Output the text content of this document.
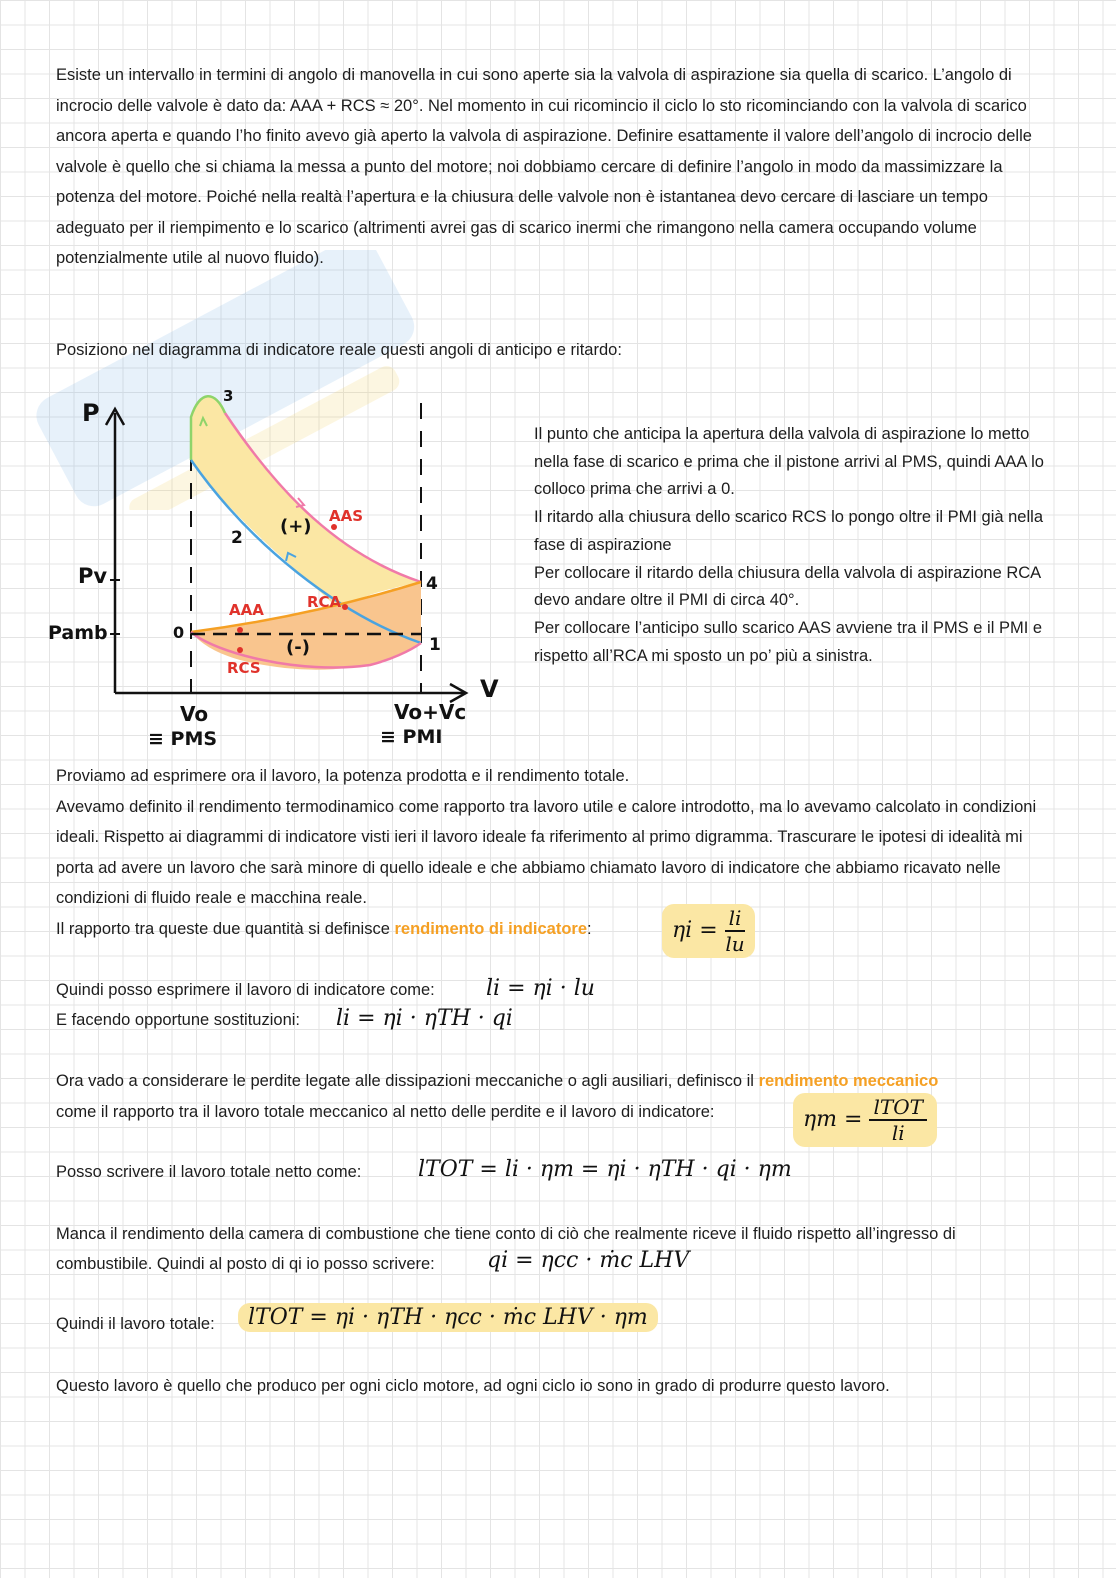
Esiste un intervallo in termini di angolo di manovella in cui sono aperte sia la valvola di aspirazione sia quella di scarico. L’angolo di incrocio delle valvole è dato da: AAA + RCS ≈ 20°. Nel momento in cui ricomincio il ciclo lo sto ricominciando con la valvola di scarico ancora aperta e quando l’ho finito avevo già aperto la valvola di aspirazione. Definire esattamente il valore dell’angolo di incrocio delle valvole è quello che si chiama la messa a punto del motore; noi dobbiamo cercare di definire l’angolo in modo da massimizzare la potenza del motore. Poiché nella realtà l’apertura e la chiusura delle valvole non è istantanea devo cercare di lasciare un tempo adeguato per il riempimento e lo scarico (altrimenti avrei gas di scarico inermi che rimangono nella camera occupando volume potenzialmente utile al nuovo fluido).
Posiziono nel diagramma di indicatore reale questi angoli di anticipo e ritardo:
P
V
Pv
Pamb
Vo
≡ PMS
Vo+Vc
≡ PMI
0
1
2
3
4
(+)
(-)
AAS
AAA	RCA
RCS
Il punto che anticipa la apertura della valvola di aspirazione lo metto nella fase di scarico e prima che il pistone arrivi al PMS, quindi AAA lo colloco prima che arrivi a 0.
Il ritardo alla chiusura dello scarico RCS lo pongo oltre il PMI già nella fase di aspirazione
Per collocare il ritardo della chiusura della valvola di aspirazione RCA devo andare oltre il PMI di circa 40°.
Per collocare l’anticipo sullo scarico AAS avviene tra il PMS e il PMI e rispetto all’RCA mi sposto un po’ più a sinistra.
Proviamo ad esprimere ora il lavoro, la potenza prodotta e il rendimento totale.
Avevamo definito il rendimento termodinamico come rapporto tra lavoro utile e calore introdotto, ma lo avevamo calcolato in condizioni ideali. Rispetto ai diagrammi di indicatore visti ieri il lavoro ideale fa riferimento al primo digramma. Trascurare le ipotesi di idealità mi porta ad avere un lavoro che sarà minore di quello ideale e che abbiamo chiamato lavoro di indicatore che abbiamo ricavato nelle condizioni di fluido reale e macchina reale.
Il rapporto tra queste due quantità si definisce rendimento di indicatore:	$\eta i = \frac{li}{lu}$
Quindi posso esprimere il lavoro di indicatore come: li = ηi · lu
E facendo opportune sostituzioni: li = ηi · ηTH · qi
Ora vado a considerare le perdite legate alle dissipazioni meccaniche o agli ausiliari, definisco il rendimento meccanico
come il rapporto tra il lavoro totale meccanico al netto delle perdite e il lavoro di indicatore:	$\eta m = \frac{\text{lTOT}}{li}$
Posso scrivere il lavoro totale netto come:	lTOT = li · ηm = ηi · ηTH · qi · ηm
Manca il rendimento della camera di combustione che tiene conto di ciò che realmente riceve il fluido rispetto all’ingresso di
combustibile. Quindi al posto di qi io posso scrivere: qi = ηcc · ṁc LHV
Quindi il lavoro totale:	lTOT = ηi · ηTH · ηcc · ṁc LHV · ηm
Questo lavoro è quello che produco per ogni ciclo motore, ad ogni ciclo io sono in grado di produrre questo lavoro.
